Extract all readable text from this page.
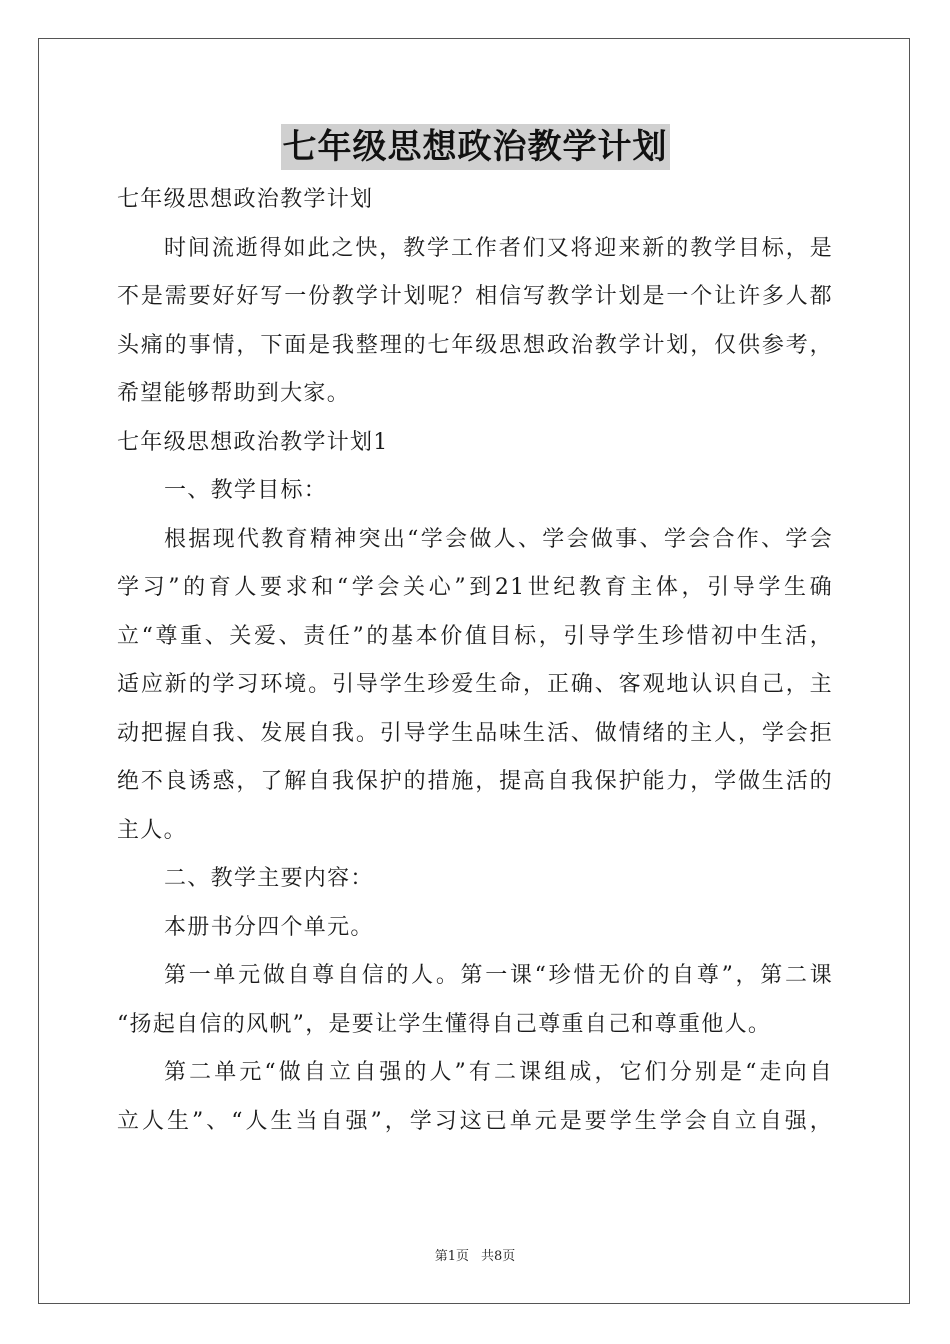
七年级思想政治教学计划
七年级思想政治教学计划
时间流逝得如此之快，教学工作者们又将迎来新的教学目标，是
不是需要好好写一份教学计划呢？相信写教学计划是一个让许多人都
头痛的事情，下面是我整理的七年级思想政治教学计划，仅供参考，
希望能够帮助到大家。
七年级思想政治教学计划1
一、教学目标：
根据现代教育精神突出“学会做人、学会做事、学会合作、学会
学习”的育人要求和“学会关心”到21世纪教育主体，引导学生确
立“尊重、关爱、责任”的基本价值目标，引导学生珍惜初中生活，
适应新的学习环境。引导学生珍爱生命，正确、客观地认识自己，主
动把握自我、发展自我。引导学生品味生活、做情绪的主人，学会拒
绝不良诱惑，了解自我保护的措施，提高自我保护能力，学做生活的
主人。
二、教学主要内容：
本册书分四个单元。
第一单元做自尊自信的人。第一课“珍惜无价的自尊”，第二课
“扬起自信的风帆”，是要让学生懂得自己尊重自己和尊重他人。
第二单元“做自立自强的人”有二课组成，它们分别是“走向自
立人生”、“人生当自强”，学习这已单元是要学生学会自立自强，
第1页 共8页
